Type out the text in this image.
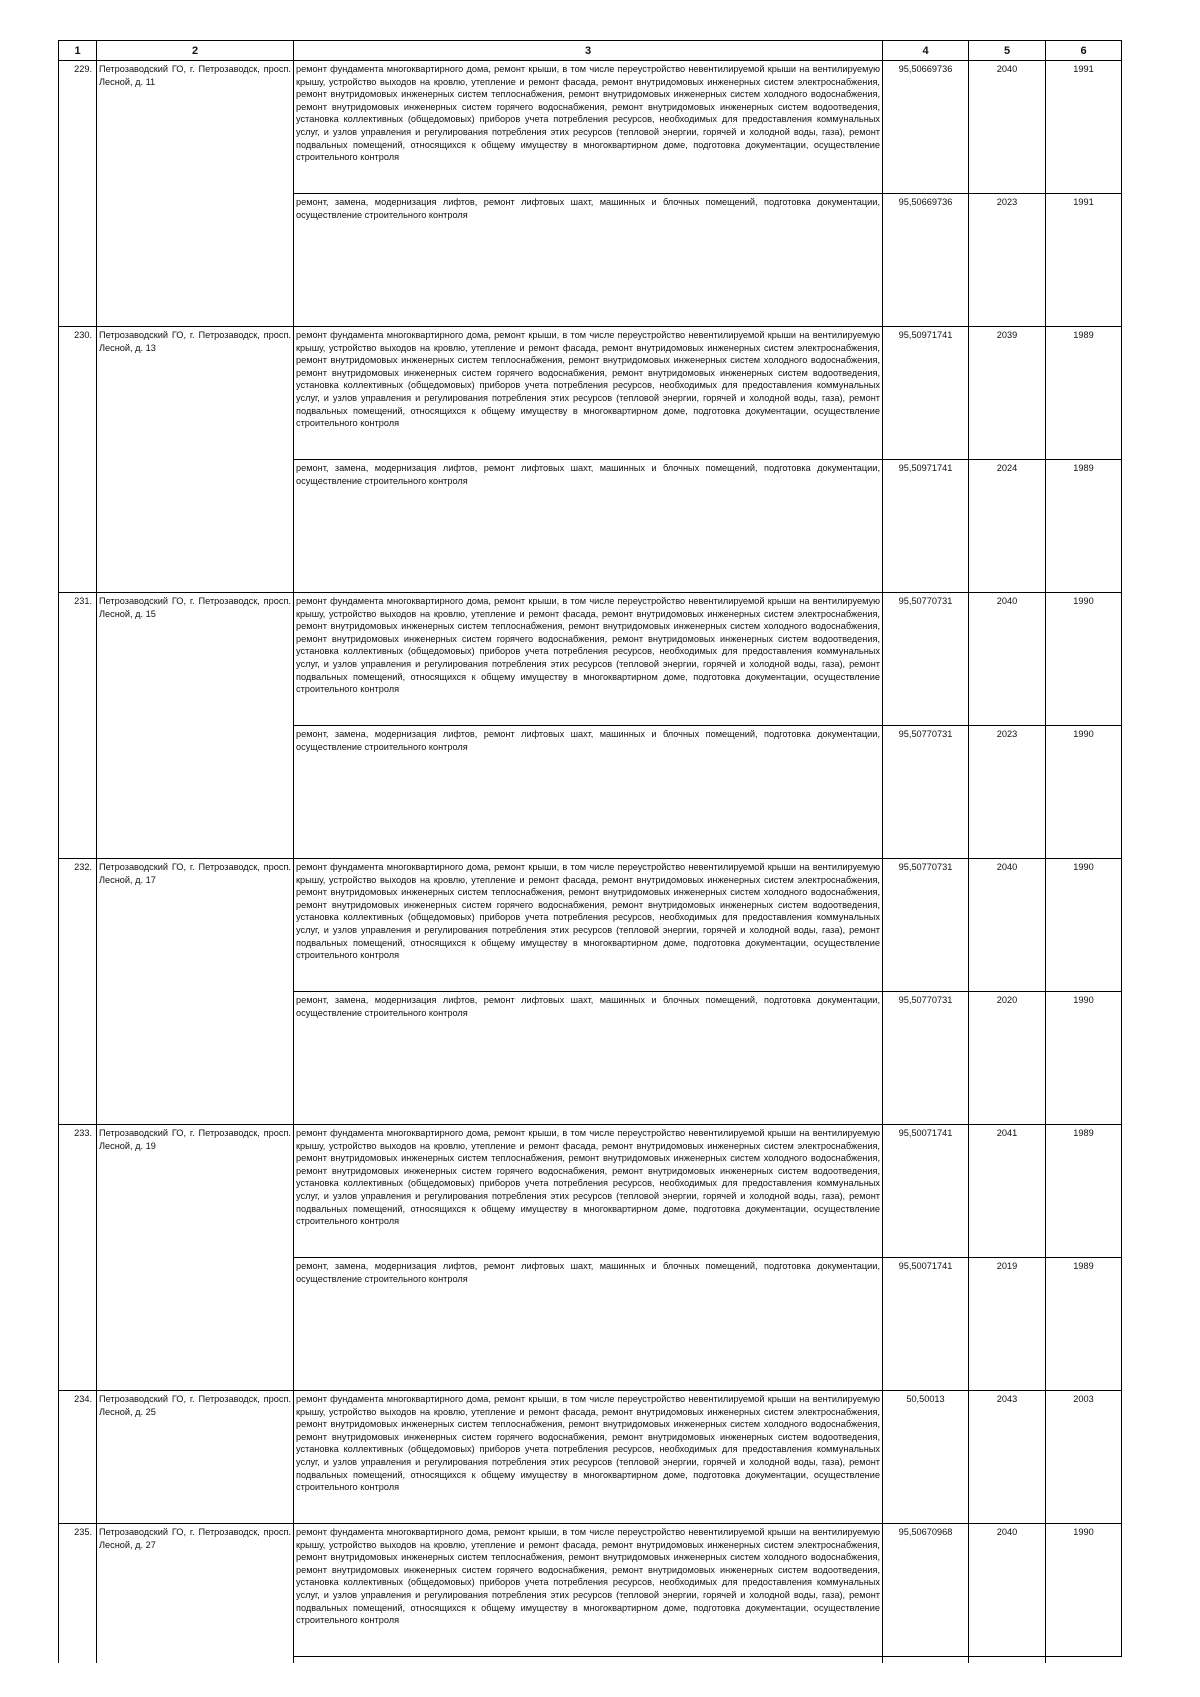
1	2	3	4	5	6
229.	Петрозаводский ГО, г. Петрозаводск, просп. Лесной, д. 11	ремонт фундамента многоквартирного дома, ремонт крыши, в том числе переустройство невентилируемой крыши на вентилируемую крышу, устройство выходов на кровлю, утепление и ремонт фасада, ремонт внутридомовых инженерных систем электроснабжения, ремонт внутридомовых инженерных систем теплоснабжения, ремонт внутридомовых инженерных систем холодного водоснабжения, ремонт внутридомовых инженерных систем горячего водоснабжения, ремонт внутридомовых инженерных систем водоотведения, установка коллективных (общедомовых) приборов учета потребления ресурсов, необходимых для предоставления коммунальных услуг, и узлов управления и регулирования потребления этих ресурсов (тепловой энергии, горячей и холодной воды, газа), ремонт подвальных помещений, относящихся к общему имуществу в многоквартирном доме, подготовка документации, осуществление строительного контроля	95,50669736	2040	1991
		ремонт, замена, модернизация лифтов, ремонт лифтовых шахт, машинных и блочных помещений, подготовка документации, осуществление строительного контроля	95,50669736	2023	1991
230.	Петрозаводский ГО, г. Петрозаводск, просп. Лесной, д. 13	ремонт фундамента многоквартирного дома, ремонт крыши, в том числе переустройство невентилируемой крыши на вентилируемую крышу, устройство выходов на кровлю, утепление и ремонт фасада, ремонт внутридомовых инженерных систем электроснабжения, ремонт внутридомовых инженерных систем теплоснабжения, ремонт внутридомовых инженерных систем холодного водоснабжения, ремонт внутридомовых инженерных систем горячего водоснабжения, ремонт внутридомовых инженерных систем водоотведения, установка коллективных (общедомовых) приборов учета потребления ресурсов, необходимых для предоставления коммунальных услуг, и узлов управления и регулирования потребления этих ресурсов (тепловой энергии, горячей и холодной воды, газа), ремонт подвальных помещений, относящихся к общему имуществу в многоквартирном доме, подготовка документации, осуществление строительного контроля	95,50971741	2039	1989
		ремонт, замена, модернизация лифтов, ремонт лифтовых шахт, машинных и блочных помещений, подготовка документации, осуществление строительного контроля	95,50971741	2024	1989
231.	Петрозаводский ГО, г. Петрозаводск, просп. Лесной, д. 15	ремонт фундамента многоквартирного дома, ремонт крыши, в том числе переустройство невентилируемой крыши на вентилируемую крышу, устройство выходов на кровлю, утепление и ремонт фасада, ремонт внутридомовых инженерных систем электроснабжения, ремонт внутридомовых инженерных систем теплоснабжения, ремонт внутридомовых инженерных систем холодного водоснабжения, ремонт внутридомовых инженерных систем горячего водоснабжения, ремонт внутридомовых инженерных систем водоотведения, установка коллективных (общедомовых) приборов учета потребления ресурсов, необходимых для предоставления коммунальных услуг, и узлов управления и регулирования потребления этих ресурсов (тепловой энергии, горячей и холодной воды, газа), ремонт подвальных помещений, относящихся к общему имуществу в многоквартирном доме, подготовка документации, осуществление строительного контроля	95,50770731	2040	1990
		ремонт, замена, модернизация лифтов, ремонт лифтовых шахт, машинных и блочных помещений, подготовка документации, осуществление строительного контроля	95,50770731	2023	1990
232.	Петрозаводский ГО, г. Петрозаводск, просп. Лесной, д. 17	ремонт фундамента многоквартирного дома, ремонт крыши, в том числе переустройство невентилируемой крыши на вентилируемую крышу, устройство выходов на кровлю, утепление и ремонт фасада, ремонт внутридомовых инженерных систем электроснабжения, ремонт внутридомовых инженерных систем теплоснабжения, ремонт внутридомовых инженерных систем холодного водоснабжения, ремонт внутридомовых инженерных систем горячего водоснабжения, ремонт внутридомовых инженерных систем водоотведения, установка коллективных (общедомовых) приборов учета потребления ресурсов, необходимых для предоставления коммунальных услуг, и узлов управления и регулирования потребления этих ресурсов (тепловой энергии, горячей и холодной воды, газа), ремонт подвальных помещений, относящихся к общему имуществу в многоквартирном доме, подготовка документации, осуществление строительного контроля	95,50770731	2040	1990
		ремонт, замена, модернизация лифтов, ремонт лифтовых шахт, машинных и блочных помещений, подготовка документации, осуществление строительного контроля	95,50770731	2020	1990
233.	Петрозаводский ГО, г. Петрозаводск, просп. Лесной, д. 19	ремонт фундамента многоквартирного дома, ремонт крыши, в том числе переустройство невентилируемой крыши на вентилируемую крышу, устройство выходов на кровлю, утепление и ремонт фасада, ремонт внутридомовых инженерных систем электроснабжения, ремонт внутридомовых инженерных систем теплоснабжения, ремонт внутридомовых инженерных систем холодного водоснабжения, ремонт внутридомовых инженерных систем горячего водоснабжения, ремонт внутридомовых инженерных систем водоотведения, установка коллективных (общедомовых) приборов учета потребления ресурсов, необходимых для предоставления коммунальных услуг, и узлов управления и регулирования потребления этих ресурсов (тепловой энергии, горячей и холодной воды, газа), ремонт подвальных помещений, относящихся к общему имуществу в многоквартирном доме, подготовка документации, осуществление строительного контроля	95,50071741	2041	1989
		ремонт, замена, модернизация лифтов, ремонт лифтовых шахт, машинных и блочных помещений, подготовка документации, осуществление строительного контроля	95,50071741	2019	1989
234.	Петрозаводский ГО, г. Петрозаводск, просп. Лесной, д. 25	ремонт фундамента многоквартирного дома, ремонт крыши, в том числе переустройство невентилируемой крыши на вентилируемую крышу, устройство выходов на кровлю, утепление и ремонт фасада, ремонт внутридомовых инженерных систем электроснабжения, ремонт внутридомовых инженерных систем теплоснабжения, ремонт внутридомовых инженерных систем холодного водоснабжения, ремонт внутридомовых инженерных систем горячего водоснабжения, ремонт внутридомовых инженерных систем водоотведения, установка коллективных (общедомовых) приборов учета потребления ресурсов, необходимых для предоставления коммунальных услуг, и узлов управления и регулирования потребления этих ресурсов (тепловой энергии, горячей и холодной воды, газа), ремонт подвальных помещений, относящихся к общему имуществу в многоквартирном доме, подготовка документации, осуществление строительного контроля	50,50013	2043	2003
235.	Петрозаводский ГО, г. Петрозаводск, просп. Лесной, д. 27	ремонт фундамента многоквартирного дома, ремонт крыши, в том числе переустройство невентилируемой крыши на вентилируемую крышу, устройство выходов на кровлю, утепление и ремонт фасада, ремонт внутридомовых инженерных систем электроснабжения, ремонт внутридомовых инженерных систем теплоснабжения, ремонт внутридомовых инженерных систем холодного водоснабжения, ремонт внутридомовых инженерных систем горячего водоснабжения, ремонт внутридомовых инженерных систем водоотведения, установка коллективных (общедомовых) приборов учета потребления ресурсов, необходимых для предоставления коммунальных услуг, и узлов управления и регулирования потребления этих ресурсов (тепловой энергии, горячей и холодной воды, газа), ремонт подвальных помещений, относящихся к общему имуществу в многоквартирном доме, подготовка документации, осуществление строительного контроля	95,50670968	2040	1990
